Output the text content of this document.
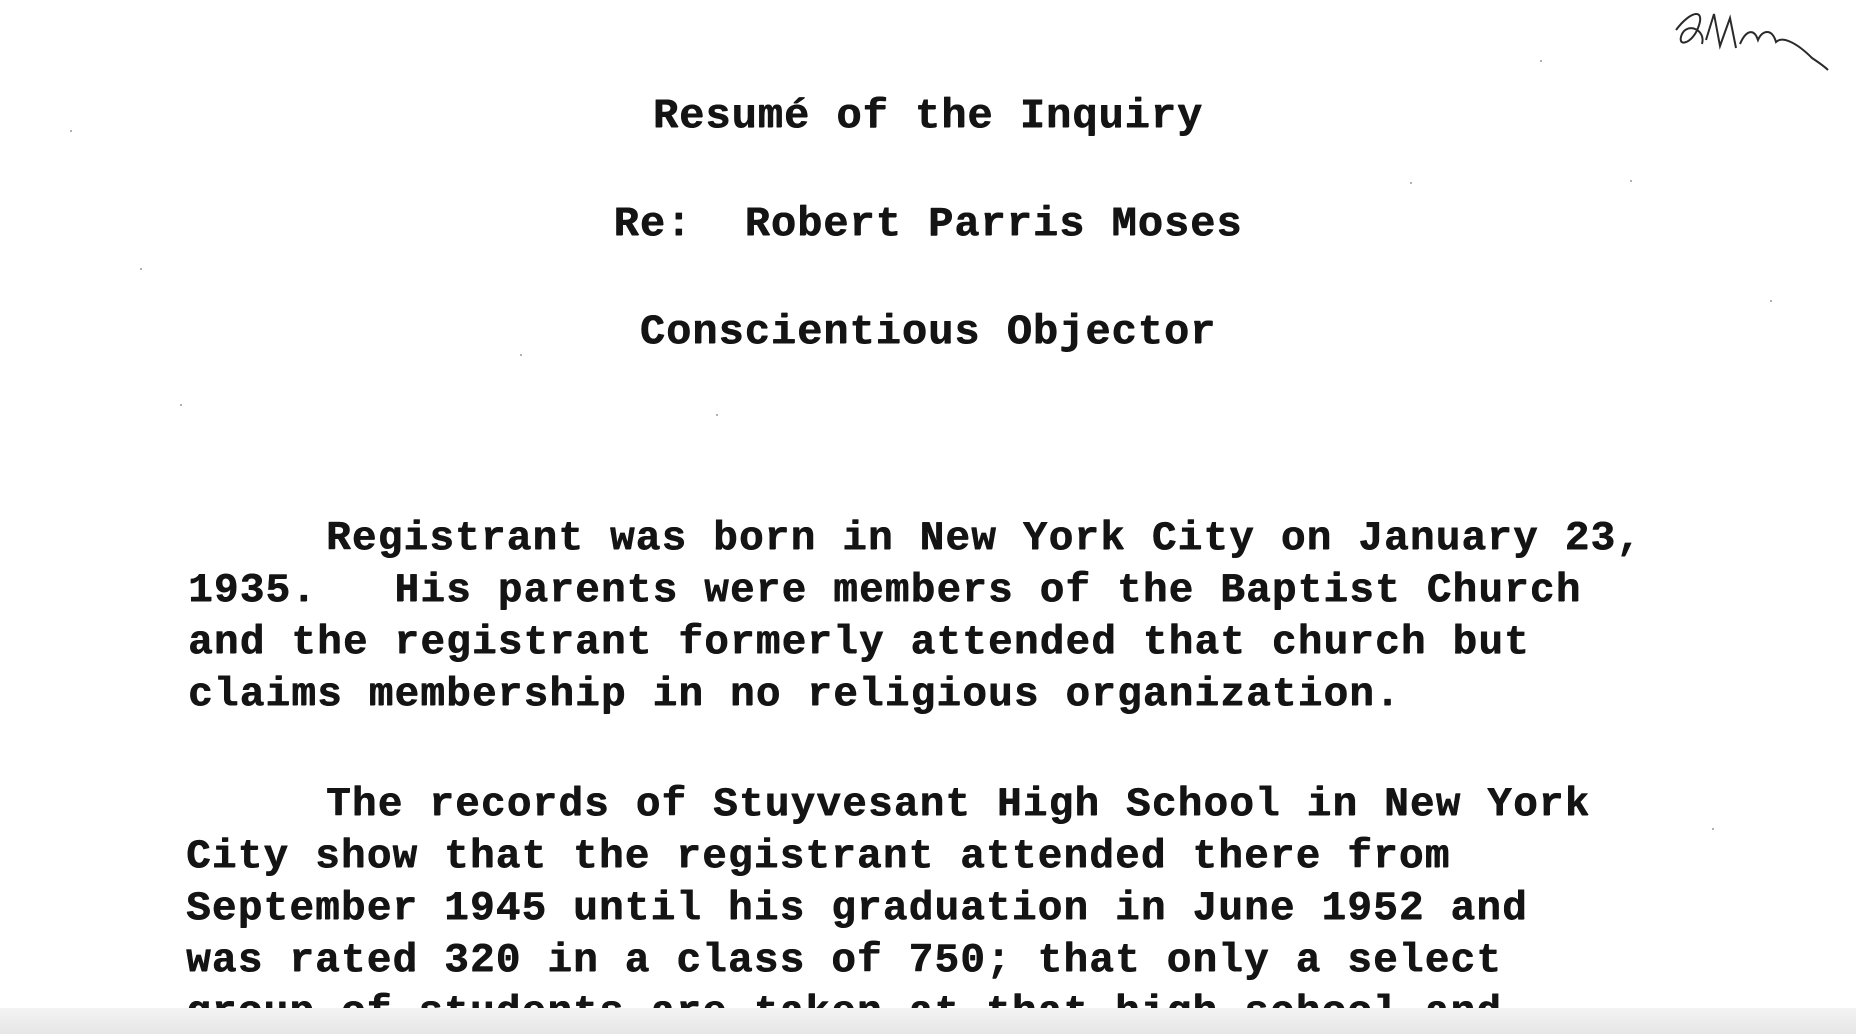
Resumé of the Inquiry
Re:  Robert Parris Moses
Conscientious Objector
Registrant was born in New York City on January 23,
1935.   His parents were members of the Baptist Church
and the registrant formerly attended that church but
claims membership in no religious organization.
The records of Stuyvesant High School in New York
City show that the registrant attended there from
September 1945 until his graduation in June 1952 and
was rated 320 in a class of 750; that only a select
